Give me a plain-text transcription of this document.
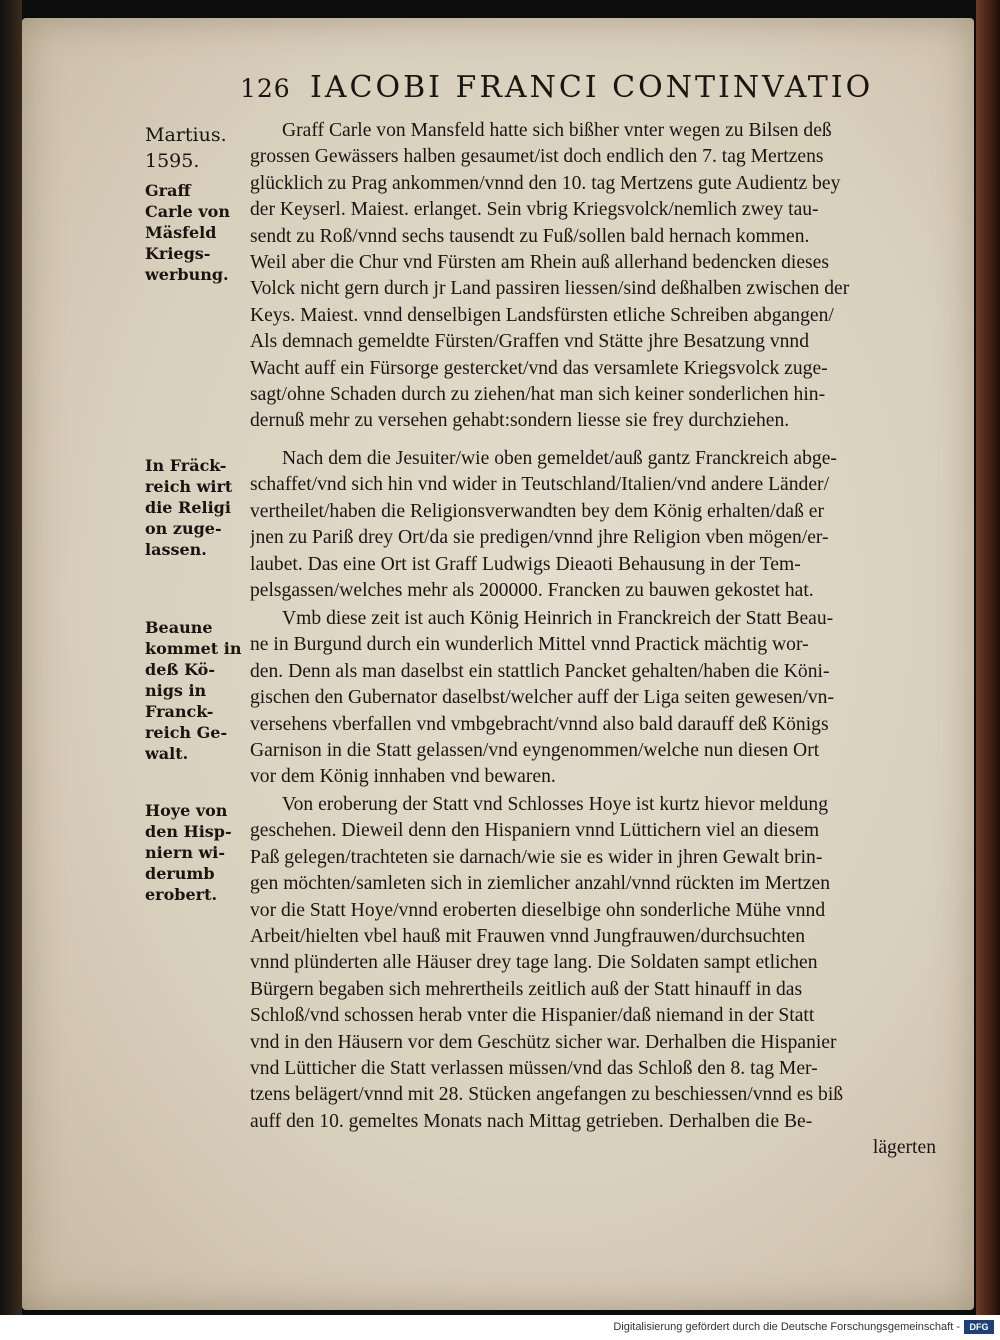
126 IACOBI FRANCI CONTINVATIO
Martius.
1595.
Graff
Carle von
Mäsfeld
Kriegs-
werbung.
In Fräck-
reich wirt
die Religi
on zuge-
lassen.
Beaune
kommet in
deß Kö-
nigs in
Franck-
reich Ge-
walt.
Hoye von
den Hisp-
niern wi-
derumb
erobert.
Graff Carle von Mansfeld hatte sich bißher vnter wegen zu Bilsen deß
grossen Gewässers halben gesaumet/ist doch endlich den 7. tag Mertzens
glücklich zu Prag ankommen/vnnd den 10. tag Mertzens gute Audientz bey
der Keyserl. Maiest. erlanget. Sein vbrig Kriegsvolck/nemlich zwey tau-
sendt zu Roß/vnnd sechs tausendt zu Fuß/sollen bald hernach kommen.
Weil aber die Chur vnd Fürsten am Rhein auß allerhand bedencken dieses
Volck nicht gern durch jr Land passiren liessen/sind deßhalben zwischen der
Keys. Maiest. vnnd denselbigen Landsfürsten etliche Schreiben abgangen/
Als demnach gemeldte Fürsten/Graffen vnd Stätte jhre Besatzung vnnd
Wacht auff ein Fürsorge gestercket/vnd das versamlete Kriegsvolck zuge-
sagt/ohne Schaden durch zu ziehen/hat man sich keiner sonderlichen hin-
dernuß mehr zu versehen gehabt:sondern liesse sie frey durchziehen.
Nach dem die Jesuiter/wie oben gemeldet/auß gantz Franckreich abge-
schaffet/vnd sich hin vnd wider in Teutschland/Italien/vnd andere Länder/
vertheilet/haben die Religionsverwandten bey dem König erhalten/daß er
jnen zu Pariß drey Ort/da sie predigen/vnnd jhre Religion vben mögen/er-
laubet. Das eine Ort ist Graff Ludwigs Dieaoti Behausung in der Tem-
pelsgassen/welches mehr als 200000. Francken zu bauwen gekostet hat.
Vmb diese zeit ist auch König Heinrich in Franckreich der Statt Beau-
ne in Burgund durch ein wunderlich Mittel vnnd Practick mächtig wor-
den. Denn als man daselbst ein stattlich Pancket gehalten/haben die Köni-
gischen den Gubernator daselbst/welcher auff der Liga seiten gewesen/vn-
versehens vberfallen vnd vmbgebracht/vnnd also bald darauff deß Königs
Garnison in die Statt gelassen/vnd eyngenommen/welche nun diesen Ort
vor dem König innhaben vnd bewaren.
Von eroberung der Statt vnd Schlosses Hoye ist kurtz hievor meldung
geschehen. Dieweil denn den Hispaniern vnnd Lüttichern viel an diesem
Paß gelegen/trachteten sie darnach/wie sie es wider in jhren Gewalt brin-
gen möchten/samleten sich in ziemlicher anzahl/vnnd rückten im Mertzen
vor die Statt Hoye/vnnd eroberten dieselbige ohn sonderliche Mühe vnnd
Arbeit/hielten vbel hauß mit Frauwen vnnd Jungfrauwen/durchsuchten
vnnd plünderten alle Häuser drey tage lang. Die Soldaten sampt etlichen
Bürgern begaben sich mehrertheils zeitlich auß der Statt hinauff in das
Schloß/vnd schossen herab vnter die Hispanier/daß niemand in der Statt
vnd in den Häusern vor dem Geschütz sicher war. Derhalben die Hispanier
vnd Lütticher die Statt verlassen müssen/vnd das Schloß den 8. tag Mer-
tzens belägert/vnnd mit 28. Stücken angefangen zu beschiessen/vnnd es biß
auff den 10. gemeltes Monats nach Mittag getrieben. Derhalben die Be-
lägerten
Digitalisierung gefördert durch die Deutsche Forschungsgemeinschaft -	DFG
